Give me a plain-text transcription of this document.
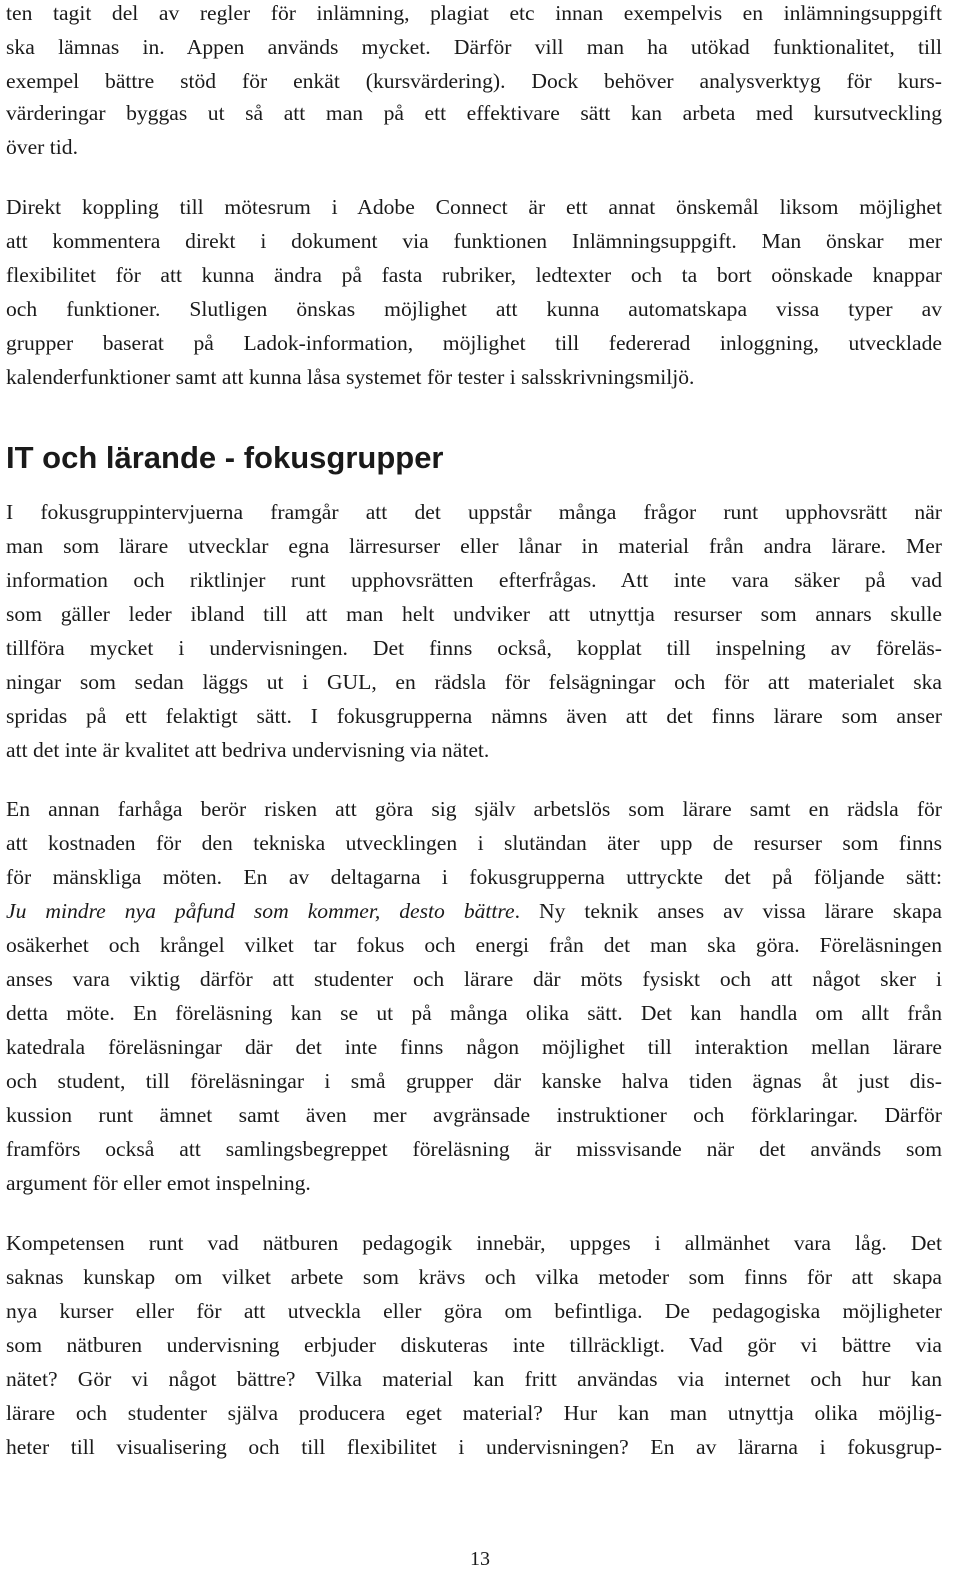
ten tagit del av regler för inlämning, plagiat etc innan exempelvis en inlämningsuppgift
ska lämnas in. Appen används mycket. Därför vill man ha utökad funktionalitet, till
exempel bättre stöd för enkät (kursvärdering). Dock behöver analysverktyg för kurs-
värderingar byggas ut så att man på ett effektivare sätt kan arbeta med kursutveckling
över tid.
Direkt koppling till mötesrum i Adobe Connect är ett annat önskemål liksom möjlighet
att kommentera direkt i dokument via funktionen Inlämningsuppgift. Man önskar mer
flexibilitet för att kunna ändra på fasta rubriker, ledtexter och ta bort oönskade knappar
och funktioner. Slutligen önskas möjlighet att kunna automatskapa vissa typer av
grupper baserat på Ladok-information, möjlighet till federerad inloggning, utvecklade
kalenderfunktioner samt att kunna låsa systemet för tester i salsskrivningsmiljö.
IT och lärande - fokusgrupper
I fokusgruppintervjuerna framgår att det uppstår många frågor runt upphovsrätt när
man som lärare utvecklar egna lärresurser eller lånar in material från andra lärare. Mer
information och riktlinjer runt upphovsrätten efterfrågas. Att inte vara säker på vad
som gäller leder ibland till att man helt undviker att utnyttja resurser som annars skulle
tillföra mycket i undervisningen. Det finns också, kopplat till inspelning av föreläs-
ningar som sedan läggs ut i GUL, en rädsla för felsägningar och för att materialet ska
spridas på ett felaktigt sätt. I fokusgrupperna nämns även att det finns lärare som anser
att det inte är kvalitet att bedriva undervisning via nätet.
En annan farhåga berör risken att göra sig själv arbetslös som lärare samt en rädsla för
att kostnaden för den tekniska utvecklingen i slutändan äter upp de resurser som finns
för mänskliga möten. En av deltagarna i fokusgrupperna uttryckte det på följande sätt:
Ju mindre nya påfund som kommer, desto bättre. Ny teknik anses av vissa lärare skapa
osäkerhet och krångel vilket tar fokus och energi från det man ska göra. Föreläsningen
anses vara viktig därför att studenter och lärare där möts fysiskt och att något sker i
detta möte. En föreläsning kan se ut på många olika sätt. Det kan handla om allt från
katedrala föreläsningar där det inte finns någon möjlighet till interaktion mellan lärare
och student, till föreläsningar i små grupper där kanske halva tiden ägnas åt just dis-
kussion runt ämnet samt även mer avgränsade instruktioner och förklaringar. Därför
framförs också att samlingsbegreppet föreläsning är missvisande när det används som
argument för eller emot inspelning.
Kompetensen runt vad nätburen pedagogik innebär, uppges i allmänhet vara låg. Det
saknas kunskap om vilket arbete som krävs och vilka metoder som finns för att skapa
nya kurser eller för att utveckla eller göra om befintliga. De pedagogiska möjligheter
som nätburen undervisning erbjuder diskuteras inte tillräckligt. Vad gör vi bättre via
nätet? Gör vi något bättre? Vilka material kan fritt användas via internet och hur kan
lärare och studenter själva producera eget material? Hur kan man utnyttja olika möjlig-
heter till visualisering och till flexibilitet i undervisningen? En av lärarna i fokusgrup-
13
